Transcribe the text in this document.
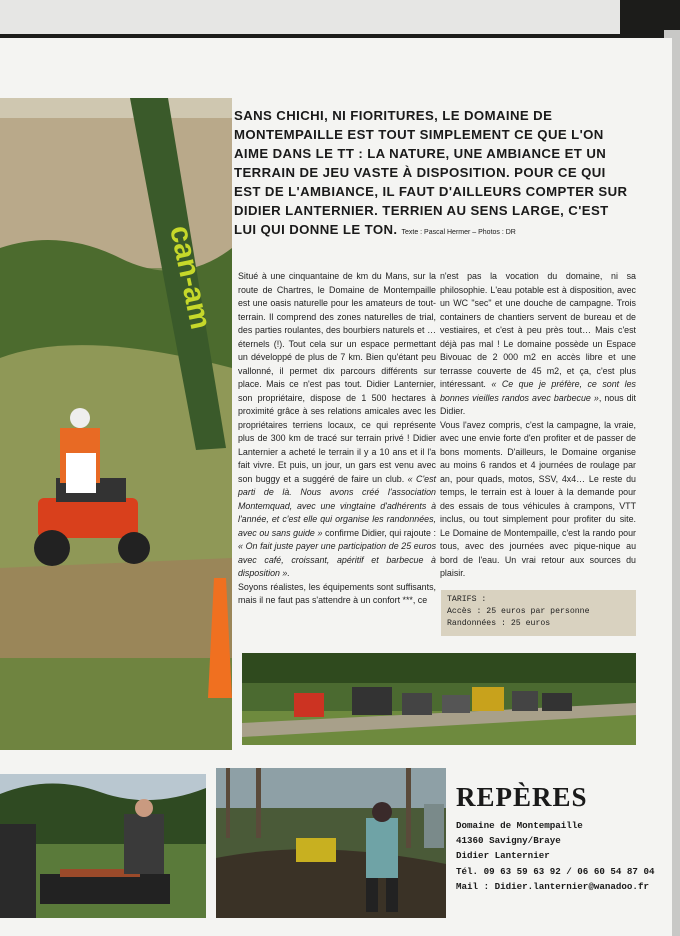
can-am
SANS CHICHI, NI FIORITURES, LE DOMAINE DE MONTEMPAILLE EST TOUT SIMPLEMENT CE QUE L'ON AIME DANS LE TT : LA NATURE, UNE AMBIANCE ET UN TERRAIN DE JEU VASTE À DISPOSITION. POUR CE QUI EST DE L'AMBIANCE, IL FAUT D'AILLEURS COMPTER SUR DIDIER LANTERNIER. TERRIEN AU SENS LARGE, C'EST LUI QUI DONNE LE TON. Texte : Pascal Hermer – Photos : DR

Situé à une cinquantaine de km du Mans, sur la route de Chartres, le Domaine de Montempaille est une oasis naturelle pour les amateurs de tout-terrain. Il comprend des zones naturelles de trial, des parties roulantes, des bourbiers naturels et … éternels (!). Tout cela sur un espace permettant un développé de plus de 7 km. Bien qu'étant peu vallonné, il permet dix parcours différents sur place. Mais ce n'est pas tout. Didier Lanternier, son propriétaire, dispose de 1 500 hectares à proximité grâce à ses relations amicales avec les propriétaires terriens locaux, ce qui représente plus de 300 km de tracé sur terrain privé ! Didier Lanternier a acheté le terrain il y a 10 ans et il l'a fait vivre. Et puis, un jour, un gars est venu avec son buggy et a suggéré de faire un club. « C'est parti de là. Nous avons créé l'association Montemquad, avec une vingtaine d'adhérents à l'année, et c'est elle qui organise les randonnées, avec ou sans guide » confirme Didier, qui rajoute : « On fait juste payer une participation de 25 euros avec café, croissant, apéritif et barbecue à disposition ».

Soyons réalistes, les équipements sont suffisants, mais il ne faut pas s'attendre à un confort ***, ce

n'est pas la vocation du domaine, ni sa philosophie. L'eau potable est à disposition, avec un WC "sec" et une douche de campagne. Trois containers de chantiers servent de bureau et de vestiaires, et c'est à peu près tout… Mais c'est déjà pas mal ! Le domaine possède un Espace Bivouac de 2 000 m2 en accès libre et une terrasse couverte de 45 m2, et ça, c'est plus intéressant. « Ce que je préfère, ce sont les bonnes vieilles randos avec barbecue », nous dit Didier.

Vous l'avez compris, c'est la campagne, la vraie, avec une envie forte d'en profiter et de passer de bons moments. D'ailleurs, le Domaine organise au moins 6 randos et 4 journées de roulage par an, pour quads, motos, SSV, 4x4… Le reste du temps, le terrain est à louer à la demande pour des essais de tous véhicules à crampons, VTT inclus, ou tout simplement pour profiter du site. Le Domaine de Montempaille, c'est la rando pour tous, avec des journées avec pique-nique au bord de l'eau. Un vrai retour aux sources du plaisir.

TARIFS :
Accès : 25 euros par personne
Randonnées : 25 euros
REPÈRES
Domaine de Montempaille
41360 Savigny/Braye
Didier Lanternier
Tél. 09 63 59 63 92 / 06 60 54 87 04
Mail : Didier.lanternier@wanadoo.fr
